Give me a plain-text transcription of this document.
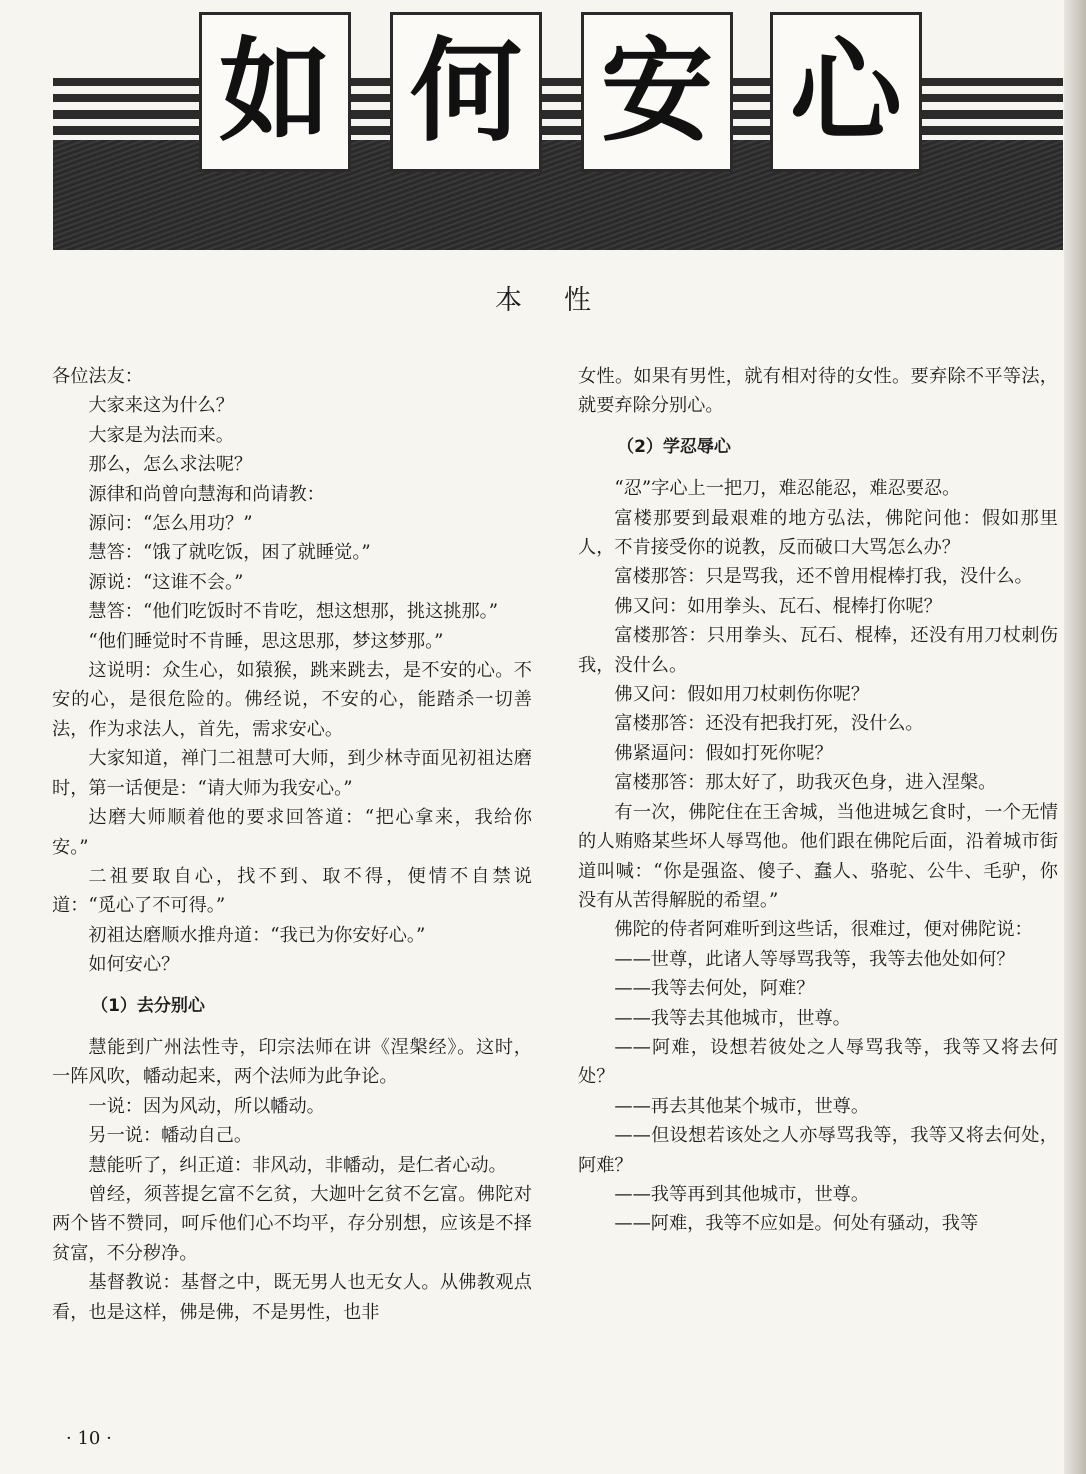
如 何 安 心
本性

各位法友：

大家来这为什么？

大家是为法而来。

那么，怎么求法呢？

源律和尚曾向慧海和尚请教：

源问：“怎么用功？”

慧答：“饿了就吃饭，困了就睡觉。”

源说：“这谁不会。”

慧答：“他们吃饭时不肯吃，想这想那，挑这挑那。”

“他们睡觉时不肯睡，思这思那，梦这梦那。”

这说明：众生心，如猿猴，跳来跳去，是不安的心。不安的心，是很危险的。佛经说，不安的心，能踏杀一切善法，作为求法人，首先，需求安心。

大家知道，禅门二祖慧可大师，到少林寺面见初祖达磨时，第一话便是：“请大师为我安心。”

达磨大师顺着他的要求回答道：“把心拿来，我给你安。”

二祖要取自心，找不到、取不得，便情不自禁说道：“觅心了不可得。”

初祖达磨顺水推舟道：“我已为你安好心。”

如何安心？

（1）去分别心

慧能到广州法性寺，印宗法师在讲《涅槃经》。这时，一阵风吹，幡动起来，两个法师为此争论。

一说：因为风动，所以幡动。

另一说：幡动自己。

慧能听了，纠正道：非风动，非幡动，是仁者心动。

曾经，须菩提乞富不乞贫，大迦叶乞贫不乞富。佛陀对两个皆不赞同，呵斥他们心不均平，存分别想，应该是不择贫富，不分秽净。

基督教说：基督之中，既无男人也无女人。从佛教观点看，也是这样，佛是佛，不是男性，也非

女性。如果有男性，就有相对待的女性。要弃除不平等法，就要弃除分别心。

（2）学忍辱心

“忍”字心上一把刀，难忍能忍，难忍要忍。

富楼那要到最艰难的地方弘法，佛陀问他：假如那里人，不肯接受你的说教，反而破口大骂怎么办？

富楼那答：只是骂我，还不曾用棍棒打我，没什么。

佛又问：如用拳头、瓦石、棍棒打你呢？

富楼那答：只用拳头、瓦石、棍棒，还没有用刀杖刺伤我，没什么。

佛又问：假如用刀杖刺伤你呢？

富楼那答：还没有把我打死，没什么。

佛紧逼问：假如打死你呢？

富楼那答：那太好了，助我灭色身，进入涅槃。

有一次，佛陀住在王舍城，当他进城乞食时，一个无情的人贿赂某些坏人辱骂他。他们跟在佛陀后面，沿着城市街道叫喊：“你是强盗、傻子、蠢人、骆驼、公牛、毛驴，你没有从苦得解脱的希望。”

佛陀的侍者阿难听到这些话，很难过，便对佛陀说：

——世尊，此诸人等辱骂我等，我等去他处如何？

——我等去何处，阿难？

——我等去其他城市，世尊。

——阿难，设想若彼处之人辱骂我等，我等又将去何处？

——再去其他某个城市，世尊。

——但设想若该处之人亦辱骂我等，我等又将去何处，阿难？

——我等再到其他城市，世尊。

——阿难，我等不应如是。何处有骚动，我等

· 10 ·
